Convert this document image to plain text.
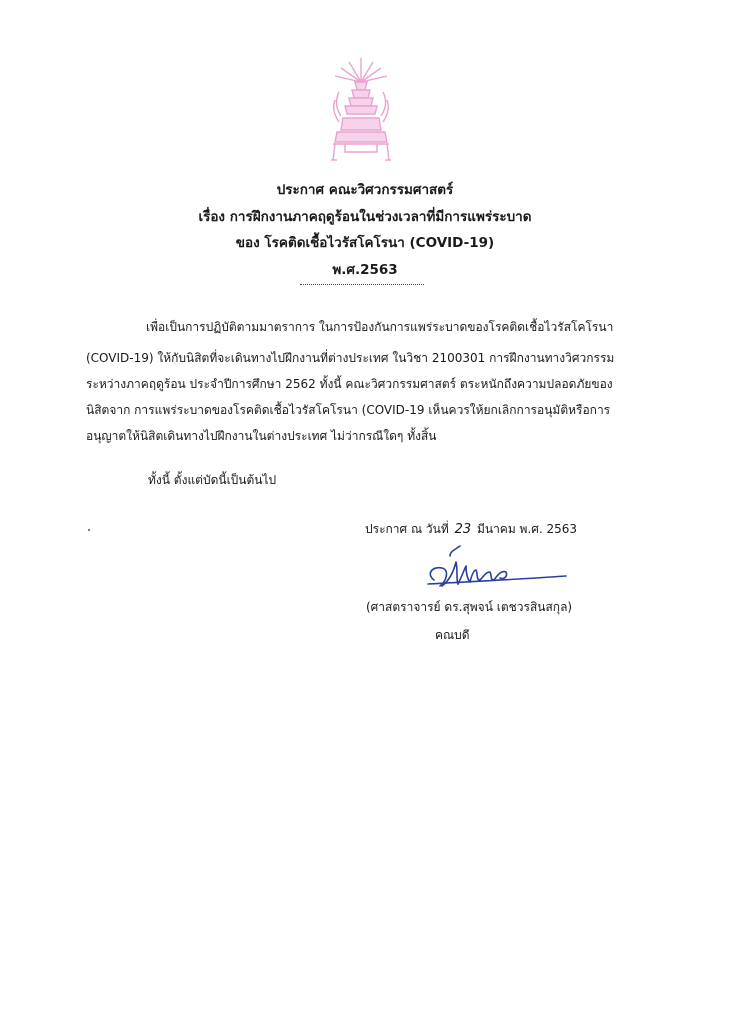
ประกาศ คณะวิศวกรรมศาสตร์
เรื่อง การฝึกงานภาคฤดูร้อนในช่วงเวลาที่มีการแพร่ระบาด
ของ โรคติดเชื้อไวรัสโคโรนา (COVID-19)
พ.ศ.2563
เพื่อเป็นการปฏิบัติตามมาตราการ ในการป้องกันการแพร่ระบาดของโรคติดเชื้อไวรัสโคโรนา
(COVID-19) ให้กับนิสิตที่จะเดินทางไปฝึกงานที่ต่างประเทศ ในวิชา 2100301 การฝึกงานทางวิศวกรรม
ระหว่างภาคฤดูร้อน ประจำปีการศึกษา 2562 ทั้งนี้ คณะวิศวกรรมศาสตร์ ตระหนักถึงความปลอดภัยของ
นิสิตจาก การแพร่ระบาดของโรคติดเชื้อไวรัสโคโรนา (COVID-19 เห็นควรให้ยกเลิกการอนุมัติหรือการ
อนุญาตให้นิสิตเดินทางไปฝึกงานในต่างประเทศ ไม่ว่ากรณีใดๆ ทั้งสิ้น
ทั้งนี้ ตั้งแต่บัดนี้เป็นต้นไป
ประกาศ ณ วันที่ 23 มีนาคม พ.ศ. 2563
(ศาสตราจารย์ ดร.สุพจน์ เตชวรสินสกุล)
คณบดี
